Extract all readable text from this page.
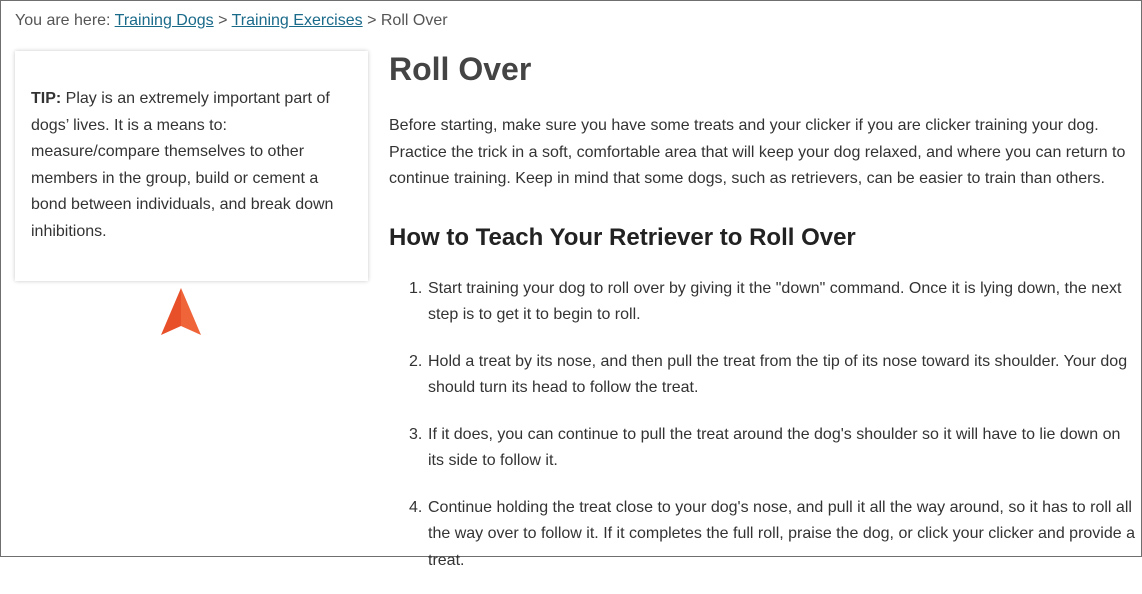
You are here: Training Dogs > Training Exercises > Roll Over

TIP: Play is an extremely important part of dogs’ lives. It is a means to: measure/compare themselves to other members in the group, build or cement a bond between individuals, and break down inhibitions.

Roll Over

Before starting, make sure you have some treats and your clicker if you are clicker training your dog. Practice the trick in a soft, comfortable area that will keep your dog relaxed, and where you can return to continue training. Keep in mind that some dogs, such as retrievers, can be easier to train than others.

How to Teach Your Retriever to Roll Over
1. Start training your dog to roll over by giving it the "down" command. Once it is lying down, the next step is to get it to begin to roll.
2. Hold a treat by its nose, and then pull the treat from the tip of its nose toward its shoulder. Your dog should turn its head to follow the treat.
3. If it does, you can continue to pull the treat around the dog's shoulder so it will have to lie down on its side to follow it.
4. Continue holding the treat close to your dog's nose, and pull it all the way around, so it has to roll all the way over to follow it. If it completes the full roll, praise the dog, or click your clicker and provide a treat.
